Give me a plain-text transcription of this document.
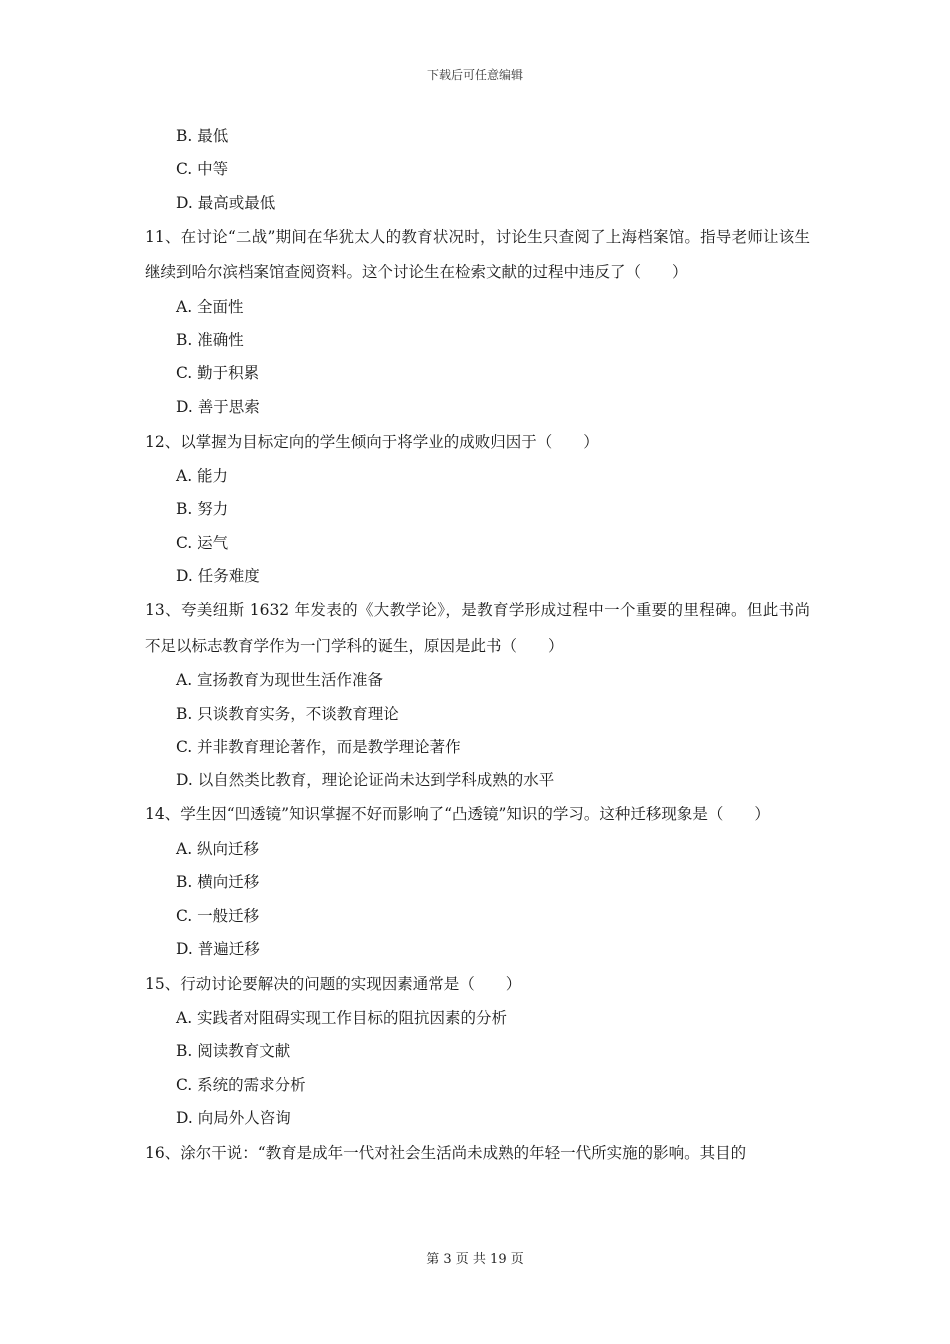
下载后可任意编辑
B. 最低
C. 中等
D. 最高或最低
11、在讨论“二战”期间在华犹太人的教育状况时，讨论生只查阅了上海档案馆。指导老师让该生继续到哈尔滨档案馆查阅资料。这个讨论生在检索文献的过程中违反了（　　）
A. 全面性
B. 准确性
C. 勤于积累
D. 善于思索
12、以掌握为目标定向的学生倾向于将学业的成败归因于（　　）
A. 能力
B. 努力
C. 运气
D. 任务难度
13、夸美纽斯 1632 年发表的《大教学论》，是教育学形成过程中一个重要的里程碑。但此书尚不足以标志教育学作为一门学科的诞生，原因是此书（　　）
A. 宣扬教育为现世生活作准备
B. 只谈教育实务，不谈教育理论
C. 并非教育理论著作，而是教学理论著作
D. 以自然类比教育，理论论证尚未达到学科成熟的水平
14、学生因“凹透镜”知识掌握不好而影响了“凸透镜”知识的学习。这种迁移现象是（　　）
A. 纵向迁移
B. 横向迁移
C. 一般迁移
D. 普遍迁移
15、行动讨论要解决的问题的实现因素通常是（　　）
A. 实践者对阻碍实现工作目标的阻抗因素的分析
B. 阅读教育文献
C. 系统的需求分析
D. 向局外人咨询
16、涂尔干说：“教育是成年一代对社会生活尚未成熟的年轻一代所实施的影响。其目的
第 3 页 共 19 页
